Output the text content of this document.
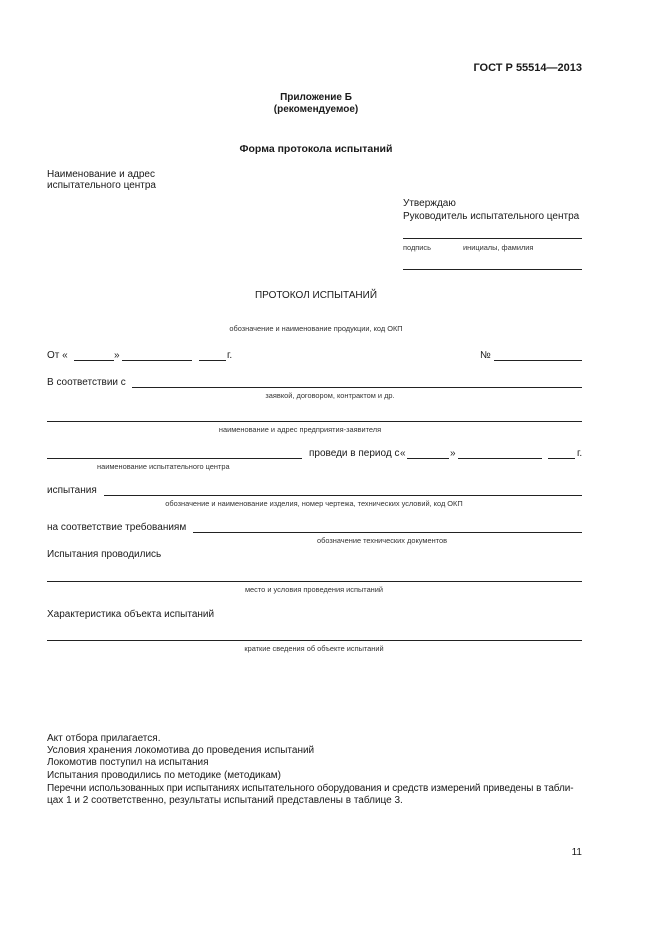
ГОСТ Р 55514—2013
Приложение Б
(рекомендуемое)
Форма протокола испытаний
Наименование и адрес
испытательного центра
Утверждаю
Руководитель испытательного центра
подпись	инициалы, фамилия
ПРОТОКОЛ ИСПЫТАНИЙ
обозначение и наименование продукции, код ОКП
От «	»	г.	№
В соответствии с
заявкой, договором, контрактом и др.
наименование и адрес предприятия-заявителя
проведи в период с «	»	г.
наименование испытательного центра
испытания
обозначение и наименование изделия, номер чертежа, технических условий, код ОКП
на соответствие требованиям
обозначение технических документов
Испытания проводились
место и условия проведения испытаний
Характеристика объекта испытаний
краткие сведения об объекте испытаний
Акт отбора прилагается.
Условия хранения локомотива до проведения испытаний
Локомотив поступил на испытания
Испытания проводились по методике (методикам)
Перечни использованных при испытаниях испытательного оборудования и средств измерений приведены в табли-
цах 1 и 2 соответственно, результаты испытаний представлены в таблице 3.
11
